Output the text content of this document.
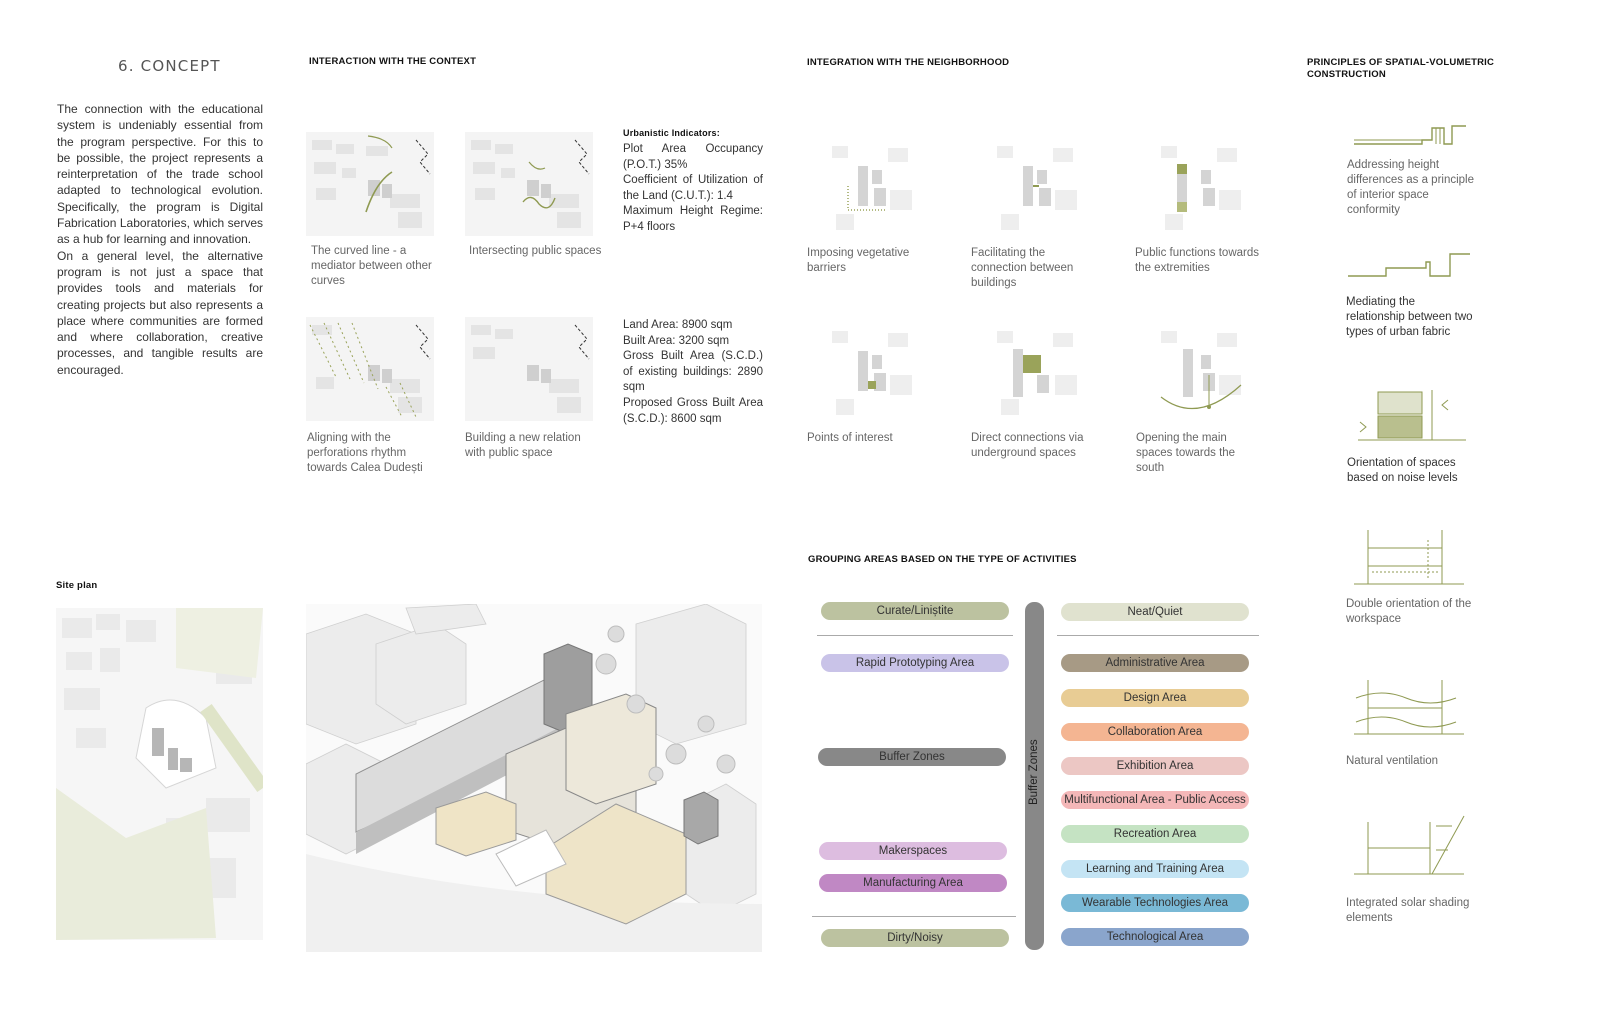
6. CONCEPT
The connection with the educational system is undeniably essential from the program perspective. For this to be possible, the project represents a reinterpretation of the trade school adapted to technological evolution. Specifically, the program is Digital Fabrication Laboratories, which serves as a hub for learning and innovation.
On a general level, the alternative program is not just a space that provides tools and materials for creating projects but also represents a place where communities are formed and where collaboration, creative processes, and tangible results are encouraged.
INTERACTION WITH THE CONTEXT
The curved line - a mediator between other curves
Intersecting public spaces
Aligning with the perforations rhythm towards Calea Dudești
Building a new relation with public space
Urbanistic Indicators:
Plot Area Occupancy (P.O.T.) 35%
Coefficient of Utilization of the Land (C.U.T.): 1.4
Maximum Height Regime: P+4 floors
Land Area: 8900 sqm
Built Area: 3200 sqm
Gross Built Area (S.C.D.) of existing buildings: 2890 sqm
Proposed Gross Built Area (S.C.D.): 8600 sqm
INTEGRATION WITH THE NEIGHBORHOOD
Imposing vegetative barriers
Facilitating the connection between buildings
Public functions towards the extremities
Points of interest	Direct connections via underground spaces
Opening the main spaces towards the south
PRINCIPLES OF SPATIAL-VOLUMETRIC
CONSTRUCTION
Addressing height differences as a principle of interior space conformity
Mediating the relationship between two types of urban fabric
Orientation of spaces based on noise levels
Double orientation of the workspace
Natural ventilation
Integrated solar shading elements
Site plan
GROUPING AREAS BASED ON THE TYPE OF ACTIVITIES
Buffer Zones
Curate/Liniștite
Rapid Prototyping Area
Buffer Zones
Makerspaces
Manufacturing Area
Dirty/Noisy
Neat/Quiet
Administrative Area
Design Area
Collaboration Area
Exhibition Area
Multifunctional Area - Public Access
Recreation Area
Learning and Training Area
Wearable Technologies Area
Technological Area
